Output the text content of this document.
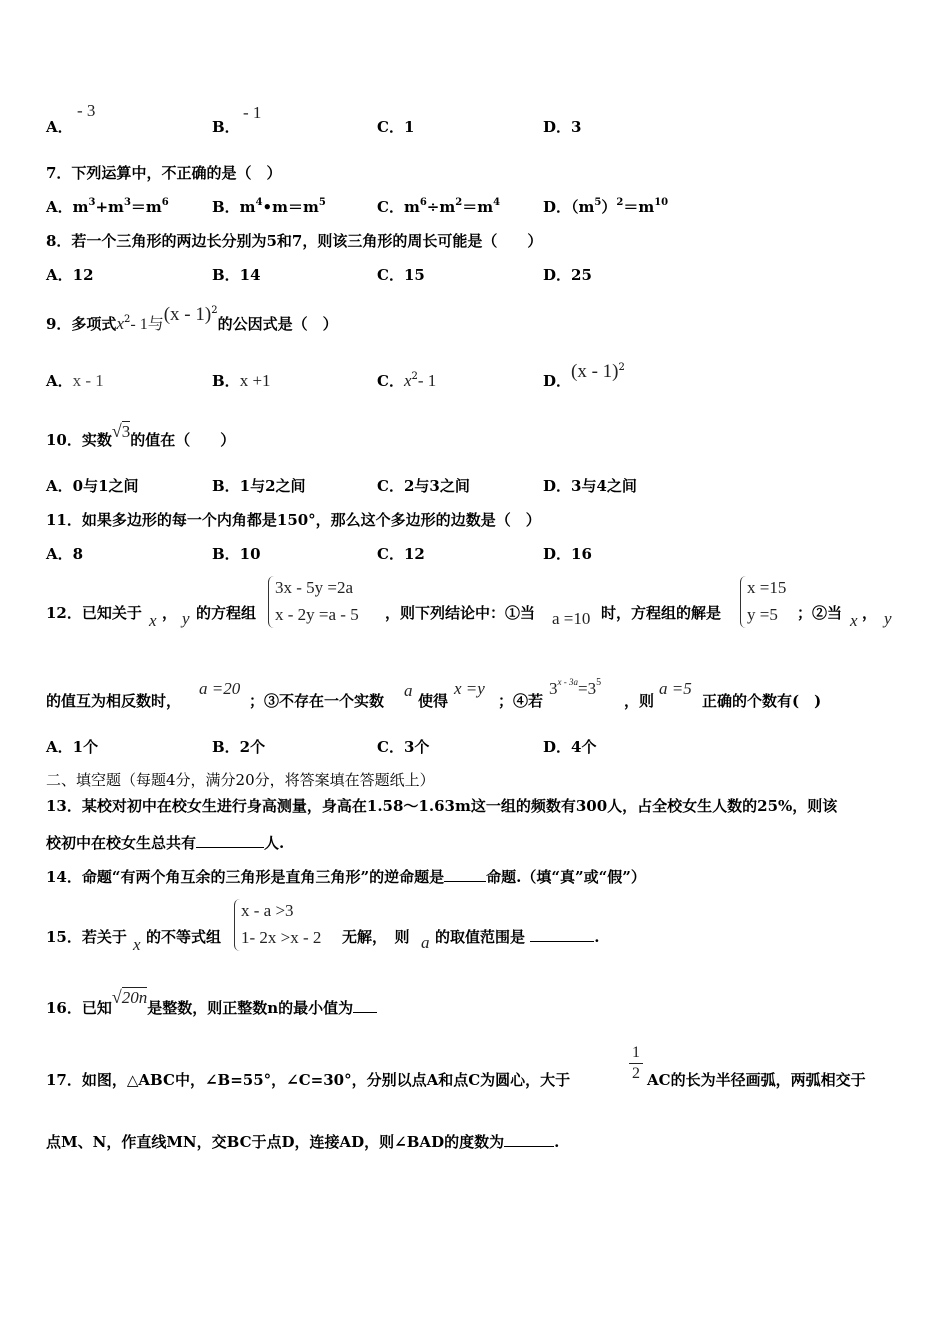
A．
- 3
B．
- 1
C．1	D．3
7．下列运算中，不正确的是（　）
A．$m^3+m^3=m^6$	B．$m^4•m=m^5$	C．$m^6\div m^2=m^4$	D．$(m^5)^2=m^{10}$
8．若一个三角形的两边长分别为5和7，则该三角形的周长可能是（　　）
A．12	B．14	C．15	D．25
9．多项式$x^2-$ 1与(x - 1)$^2$的公因式是（　）
A．x - 1	B．x +1	C．$x^2-$ 1	D．(x - 1)$^2$
10．实数√3的值在（　　）
A．0与1之间	B．1与2之间	C．2与3之间	D．3与4之间
11．如果多边形的每一个内角都是150°，那么这个多边形的边数是（　）
A．8	B．10	C．12	D．16
12．已知关于 x ， y 的方程组
3x - 5y =2a
x - 2y =a - 5 ，则下列结论中：①当 a =10 时，方程组的解是
x =15
y =5	；②当 x ， y
的值互为相反数时，
a =20
；③不存在一个实数
a
使得
x =y
；④若
$3^{x - 3a}=3^5$
，则
a =5
正确的个数有(　)
A．1个	B．2个	C．3个	D．4个
二、填空题（每题4分，满分20分，将答案填在答题纸上）
13．某校对初中在校女生进行身高测量，身高在1.58～1.63m这一组的频数有300人，占全校女生人数的25%，则该
校初中在校女生总共有	人.
14．命题“有两个角互余的三角形是直角三角形”的逆命题是	命题.（填“真”或“假”）
15．若关于 x 的不等式组
x - a >3
1- 2x >x - 2 无解，　则 a 的取值范围是	.
16．已知√20n是整数，则正整数n的最小值为
17．如图，△ABC中，∠B=55°，∠C=30°，分别以点A和点C为圆心，大于	$\frac{1}{2}$ AC的长为半径画弧，两弧相交于
点M、N，作直线MN，交BC于点D，连接AD，则∠BAD的度数为	.
